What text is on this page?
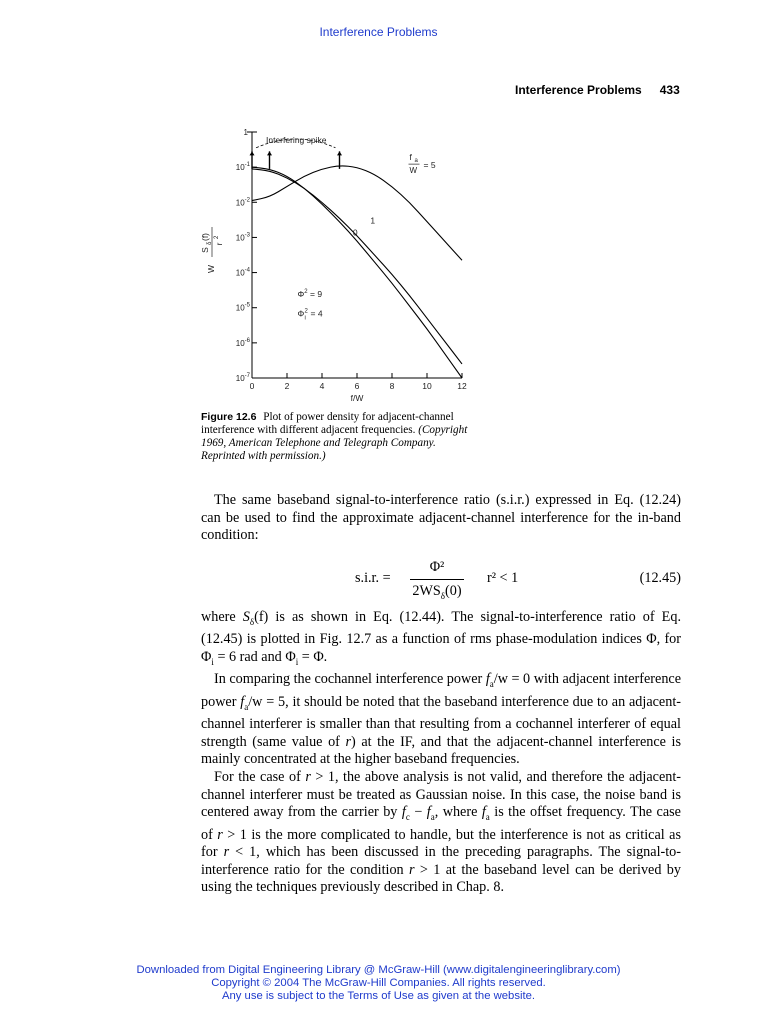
Interference Problems
Interference Problems 433
1
$10^{-1}$
$10^{-2}$
$10^{-3}$
$10^{-4}$
$10^{-5}$
$10^{-6}$
$10^{-7}$
0	2	4	6	8	10	12
f/W
W
S
δ
(f)
r
2
Interfering spike
f a
W
= 5
0
1
$\Phi^2 = 9$
Φ 2
i = 4
Figure 12.6 Plot of power density for adjacent-channel interference with different adjacent frequencies. (Copyright 1969, American Telephone and Telegraph Company. Reprinted with permission.)
The same baseband signal-to-interference ratio (s.i.r.) expressed in Eq. (12.24) can be used to find the approximate adjacent-channel interference for the in-band condition:
s.i.r. =
Φ²
$2WS_\delta(0)$
r² < 1	(12.45)
where $S_\delta(f)$ is as shown in Eq. (12.44). The signal-to-interference ratio of Eq. (12.45) is plotted in Fig. 12.7 as a function of rms phase-modulation indices Φ, for $\Phi_i = 6$ rad and $\Phi_i = \Phi$.
In comparing the cochannel interference power $f_a/w = 0$ with adjacent interference power $f_a/w = 5$, it should be noted that the baseband interference due to an adjacent-channel interferer is smaller than that resulting from a cochannel interferer of equal strength (same value of r) at the IF, and that the adjacent-channel interference is mainly concentrated at the higher baseband frequencies.
For the case of r > 1, the above analysis is not valid, and therefore the adjacent-channel interferer must be treated as Gaussian noise. In this case, the noise band is centered away from the carrier by $f_c - f_a$, where $f_a$ is the offset frequency. The case of r > 1 is the more complicated to handle, but the interference is not as critical as for r < 1, which has been discussed in the preceding paragraphs. The signal-to-interference ratio for the condition r > 1 at the baseband level can be derived by using the techniques previously described in Chap. 8.
Downloaded from Digital Engineering Library @ McGraw-Hill (www.digitalengineeringlibrary.com)
Copyright © 2004 The McGraw-Hill Companies. All rights reserved.
Any use is subject to the Terms of Use as given at the website.
